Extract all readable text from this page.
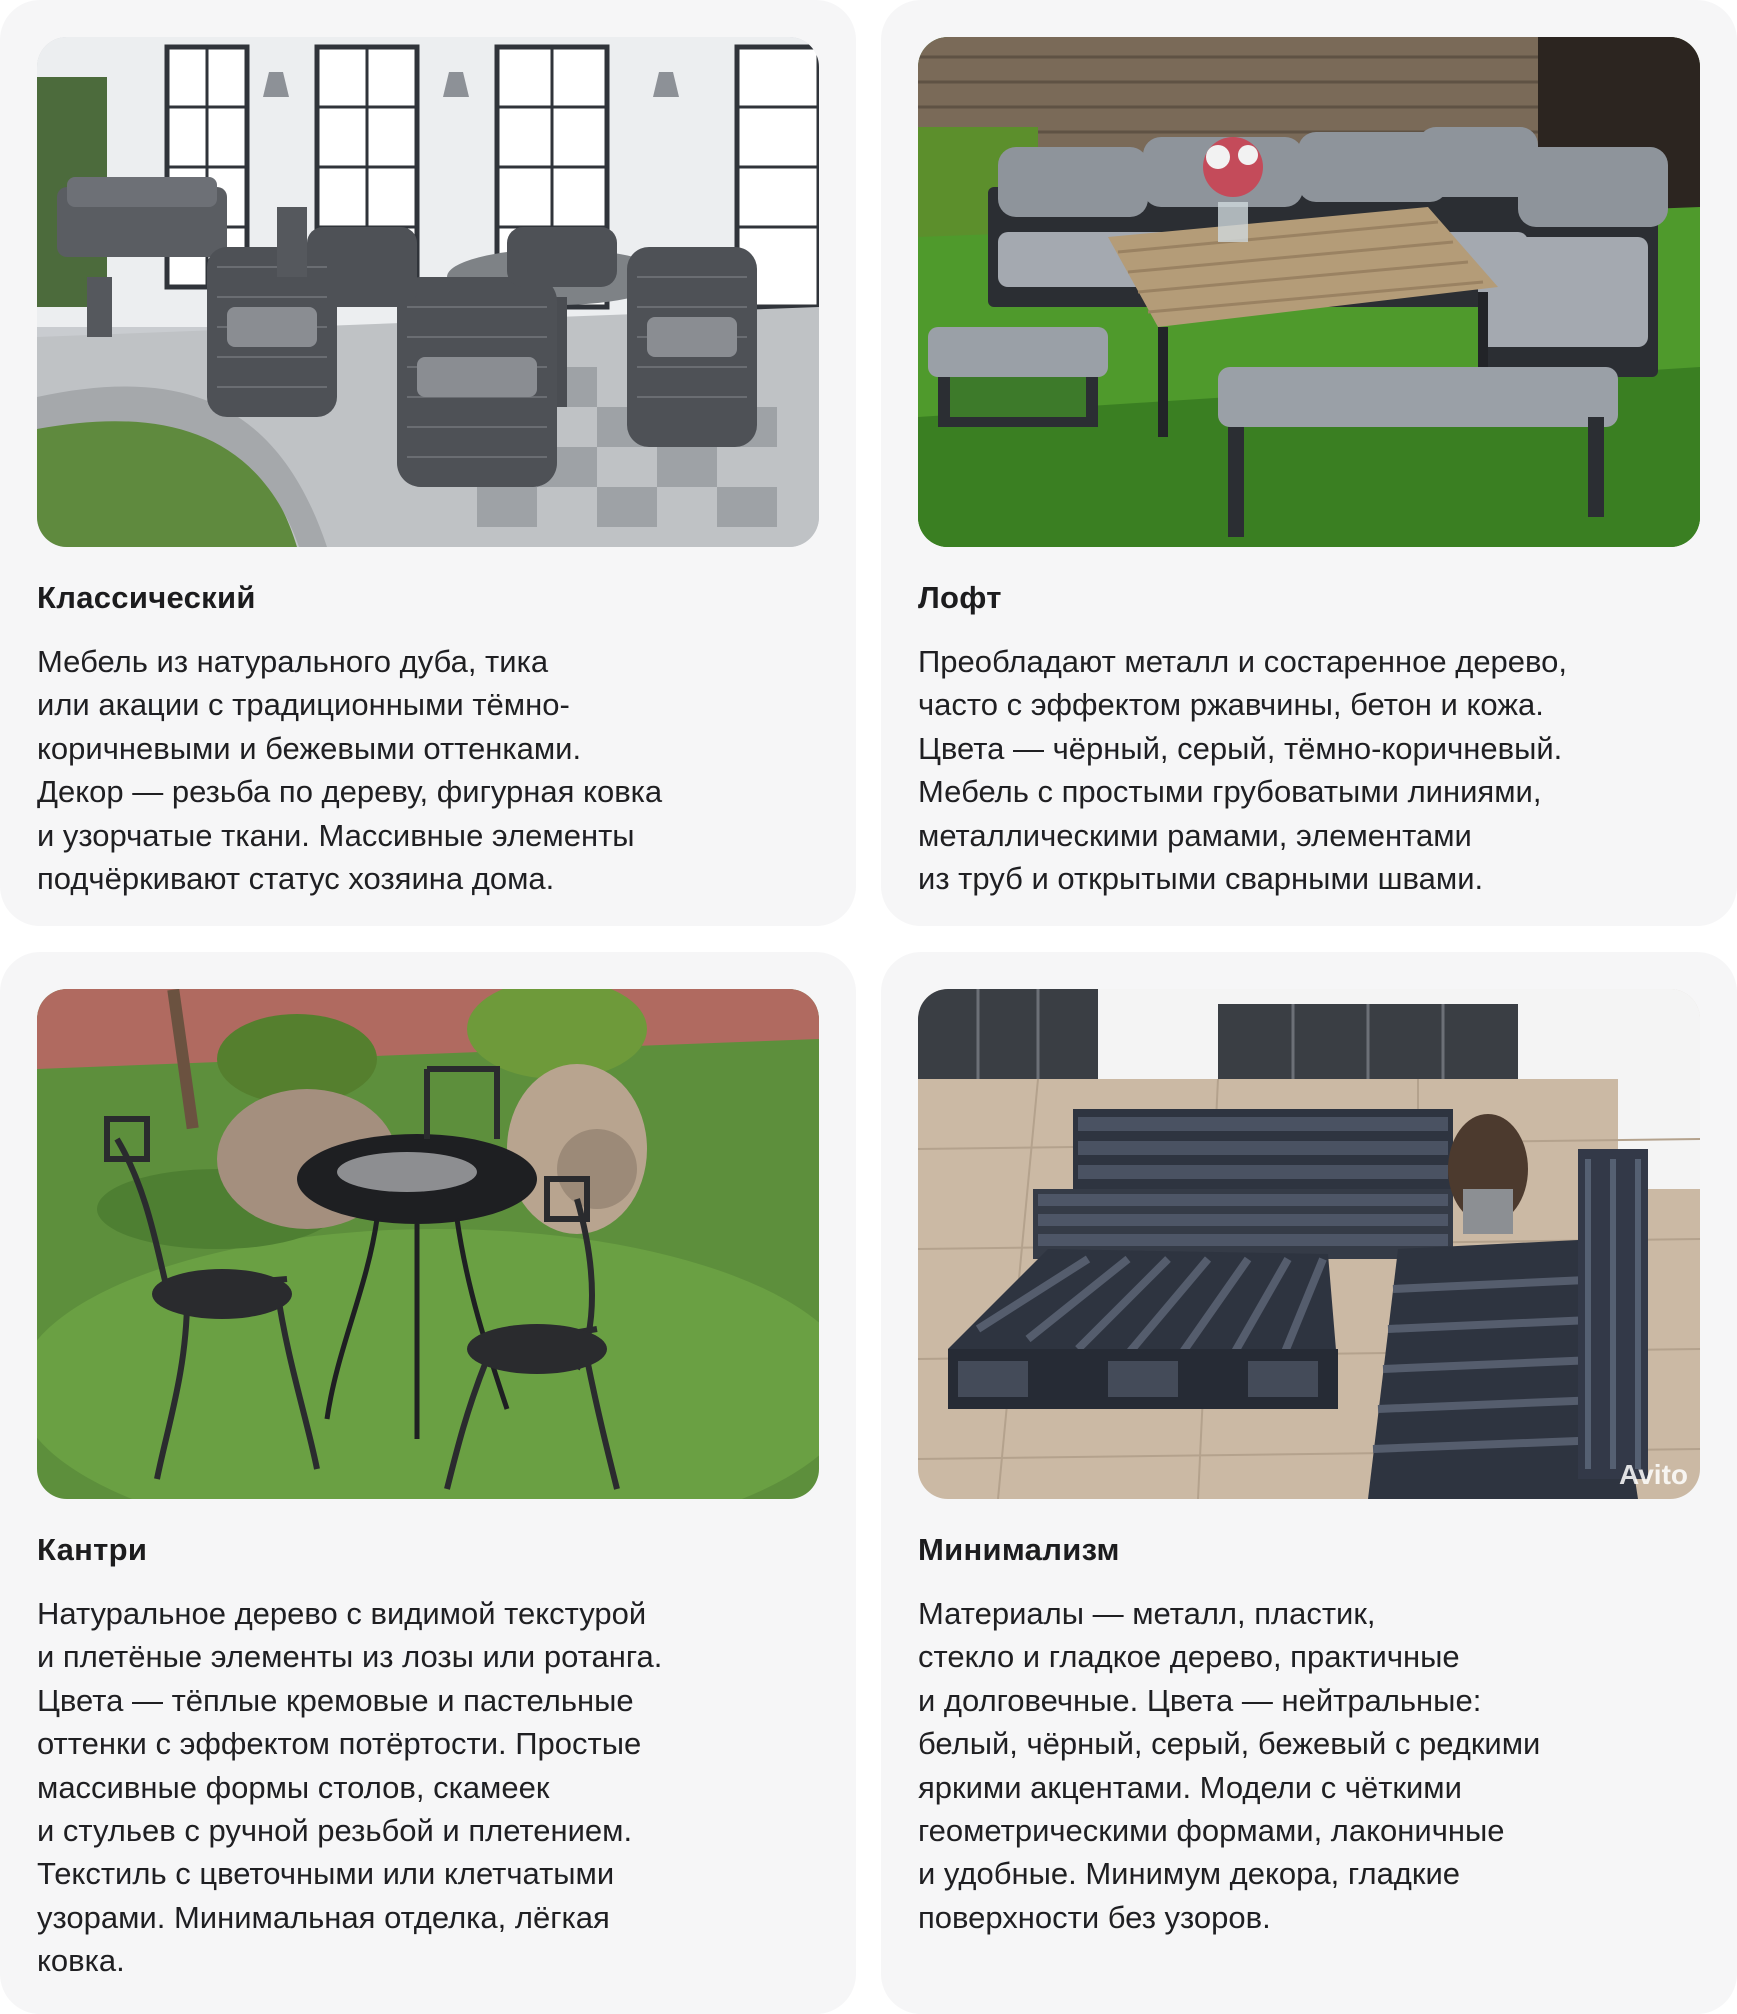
Классический
Мебель из натурального дуба, тика
или акации с традиционными тёмно-
коричневыми и бежевыми оттенками.
Декор — резьба по дереву, фигурная ковка
и узорчатые ткани. Массивные элементы
подчёркивают статус хозяина дома.
Лофт
Преобладают металл и состаренное дерево,
часто с эффектом ржавчины, бетон и кожа.
Цвета — чёрный, серый, тёмно-коричневый.
Мебель с простыми грубоватыми линиями,
металлическими рамами, элементами
из труб и открытыми сварными швами.
Кантри
Натуральное дерево с видимой текстурой
и плетёные элементы из лозы или ротанга.
Цвета — тёплые кремовые и пастельные
оттенки с эффектом потёртости. Простые
массивные формы столов, скамеек
и стульев с ручной резьбой и плетением.
Текстиль с цветочными или клетчатыми
узорами. Минимальная отделка, лёгкая
ковка.
Avito
Минимализм
Материалы — металл, пластик,
стекло и гладкое дерево, практичные
и долговечные. Цвета — нейтральные:
белый, чёрный, серый, бежевый с редкими
яркими акцентами. Модели с чёткими
геометрическими формами, лаконичные
и удобные. Минимум декора, гладкие
поверхности без узоров.
